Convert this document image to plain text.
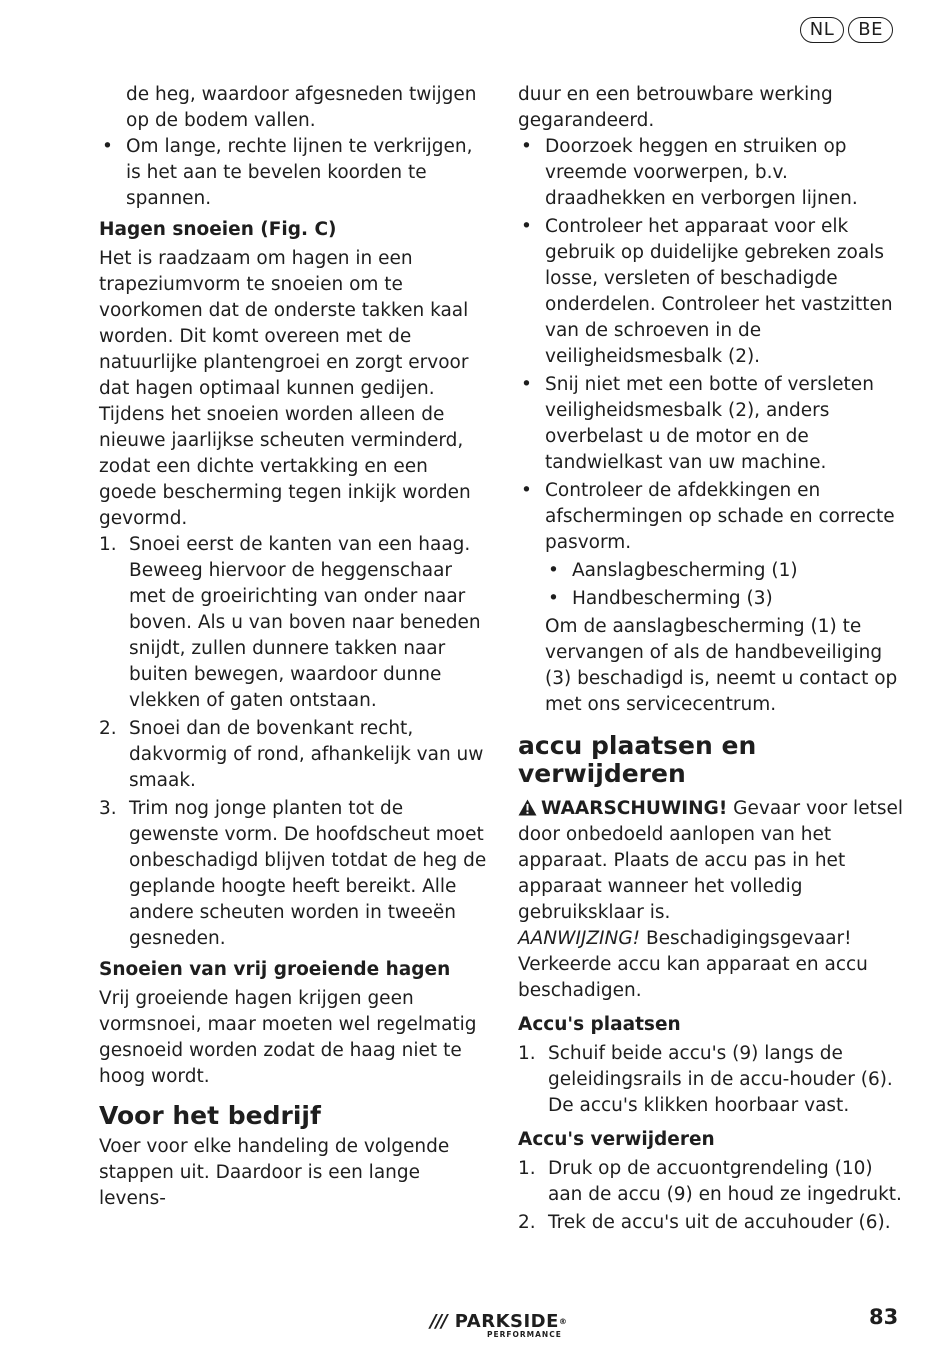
NL	BE

de heg, waardoor afgesneden twijgen op de bodem vallen.

• Om lange, rechte lijnen te verkrijgen, is het aan te bevelen koorden te spannen.
Hagen snoeien (Fig. C)

Het is raadzaam om hagen in een trapeziumvorm te snoeien om te voorkomen dat de onderste takken kaal worden. Dit komt overeen met de natuurlijke plantengroei en zorgt ervoor dat hagen optimaal kunnen gedijen. Tijdens het snoeien worden alleen de nieuwe jaarlijkse scheuten verminderd, zodat een dichte vertakking en een goede bescherming tegen inkijk worden gevormd.

1. Snoei eerst de kanten van een haag. Beweeg hiervoor de heggenschaar met de groeirichting van onder naar boven. Als u van boven naar beneden snijdt, zullen dunnere takken naar buiten bewegen, waardoor dunne vlekken of gaten ontstaan.
2. Snoei dan de bovenkant recht, dakvormig of rond, afhankelijk van uw smaak.
3. Trim nog jonge planten tot de gewenste vorm. De hoofdscheut moet onbeschadigd blijven totdat de heg de geplande hoogte heeft bereikt. Alle andere scheuten worden in tweeën gesneden.
Snoeien van vrij groeiende hagen

Vrij groeiende hagen krijgen geen vormsnoei, maar moeten wel regelmatig gesnoeid worden zodat de haag niet te hoog wordt.

Voor het bedrijf

Voer voor elke handeling de volgende stappen uit. Daardoor is een lange levens-

duur en een betrouwbare werking gegarandeerd.

• Doorzoek heggen en struiken op vreemde voorwerpen, b.v. draadhekken en verborgen lijnen.
• Controleer het apparaat voor elk gebruik op duidelijke gebreken zoals losse, versleten of beschadigde onderdelen. Controleer het vastzitten van de schroeven in de veiligheidsmesbalk (2).
• Snij niet met een botte of versleten veiligheidsmesbalk (2), anders overbelast u de motor en de tandwielkast van uw machine.
• Controleer de afdekkingen en afschermingen op schade en correcte pasvorm.
• Aanslagbescherming (1)
• Handbescherming (3)

Om de aanslagbescherming (1) te vervangen of als de handbeveiliging (3) beschadigd is, neemt u contact op met ons servicecentrum.

accu plaatsen en verwijderen

WAARSCHUWING! Gevaar voor letsel door onbedoeld aanlopen van het apparaat. Plaats de accu pas in het apparaat wanneer het volledig gebruiksklaar is.

AANWIJZING! Beschadigingsgevaar! Verkeerde accu kan apparaat en accu beschadigen.

Accu's plaatsen
1. Schuif beide accu's (9) langs de geleidingsrails in de accu-houder (6).
De accu's klikken hoorbaar vast.
Accu's verwijderen
1. Druk op de accuontgrendeling (10) aan de accu (9) en houd ze ingedrukt.
2. Trek de accu's uit de accuhouder (6).
/// PARKSIDE ®
PERFORMANCE
83
